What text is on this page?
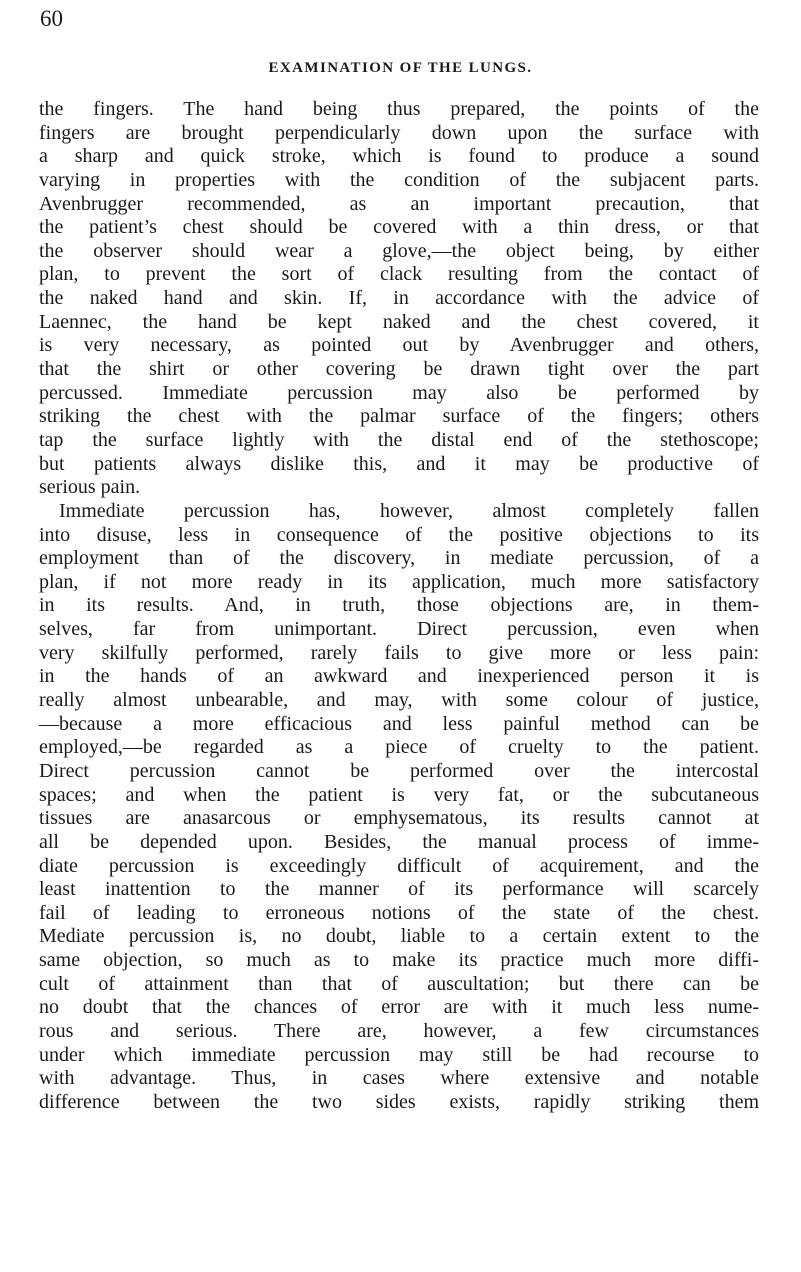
60
EXAMINATION OF THE LUNGS.
the fingers. The hand being thus prepared, the points of the
fingers are brought perpendicularly down upon the surface with
a sharp and quick stroke, which is found to produce a sound
varying in properties with the condition of the subjacent parts.
Avenbrugger recommended, as an important precaution, that
the patient’s chest should be covered with a thin dress, or that
the observer should wear a glove,—the object being, by either
plan, to prevent the sort of clack resulting from the contact of
the naked hand and skin. If, in accordance with the advice of
Laennec, the hand be kept naked and the chest covered, it
is very necessary, as pointed out by Avenbrugger and others,
that the shirt or other covering be drawn tight over the part
percussed. Immediate percussion may also be performed by
striking the chest with the palmar surface of the fingers; others
tap the surface lightly with the distal end of the stethoscope;
but patients always dislike this, and it may be productive of
serious pain.
Immediate percussion has, however, almost completely fallen
into disuse, less in consequence of the positive objections to its
employment than of the discovery, in mediate percussion, of a
plan, if not more ready in its application, much more satisfactory
in its results. And, in truth, those objections are, in them-
selves, far from unimportant. Direct percussion, even when
very skilfully performed, rarely fails to give more or less pain:
in the hands of an awkward and inexperienced person it is
really almost unbearable, and may, with some colour of justice,
—because a more efficacious and less painful method can be
employed,—be regarded as a piece of cruelty to the patient.
Direct percussion cannot be performed over the intercostal
spaces; and when the patient is very fat, or the subcutaneous
tissues are anasarcous or emphysematous, its results cannot at
all be depended upon. Besides, the manual process of imme-
diate percussion is exceedingly difficult of acquirement, and the
least inattention to the manner of its performance will scarcely
fail of leading to erroneous notions of the state of the chest.
Mediate percussion is, no doubt, liable to a certain extent to the
same objection, so much as to make its practice much more diffi-
cult of attainment than that of auscultation; but there can be
no doubt that the chances of error are with it much less nume-
rous and serious. There are, however, a few circumstances
under which immediate percussion may still be had recourse to
with advantage. Thus, in cases where extensive and notable
difference between the two sides exists, rapidly striking them
